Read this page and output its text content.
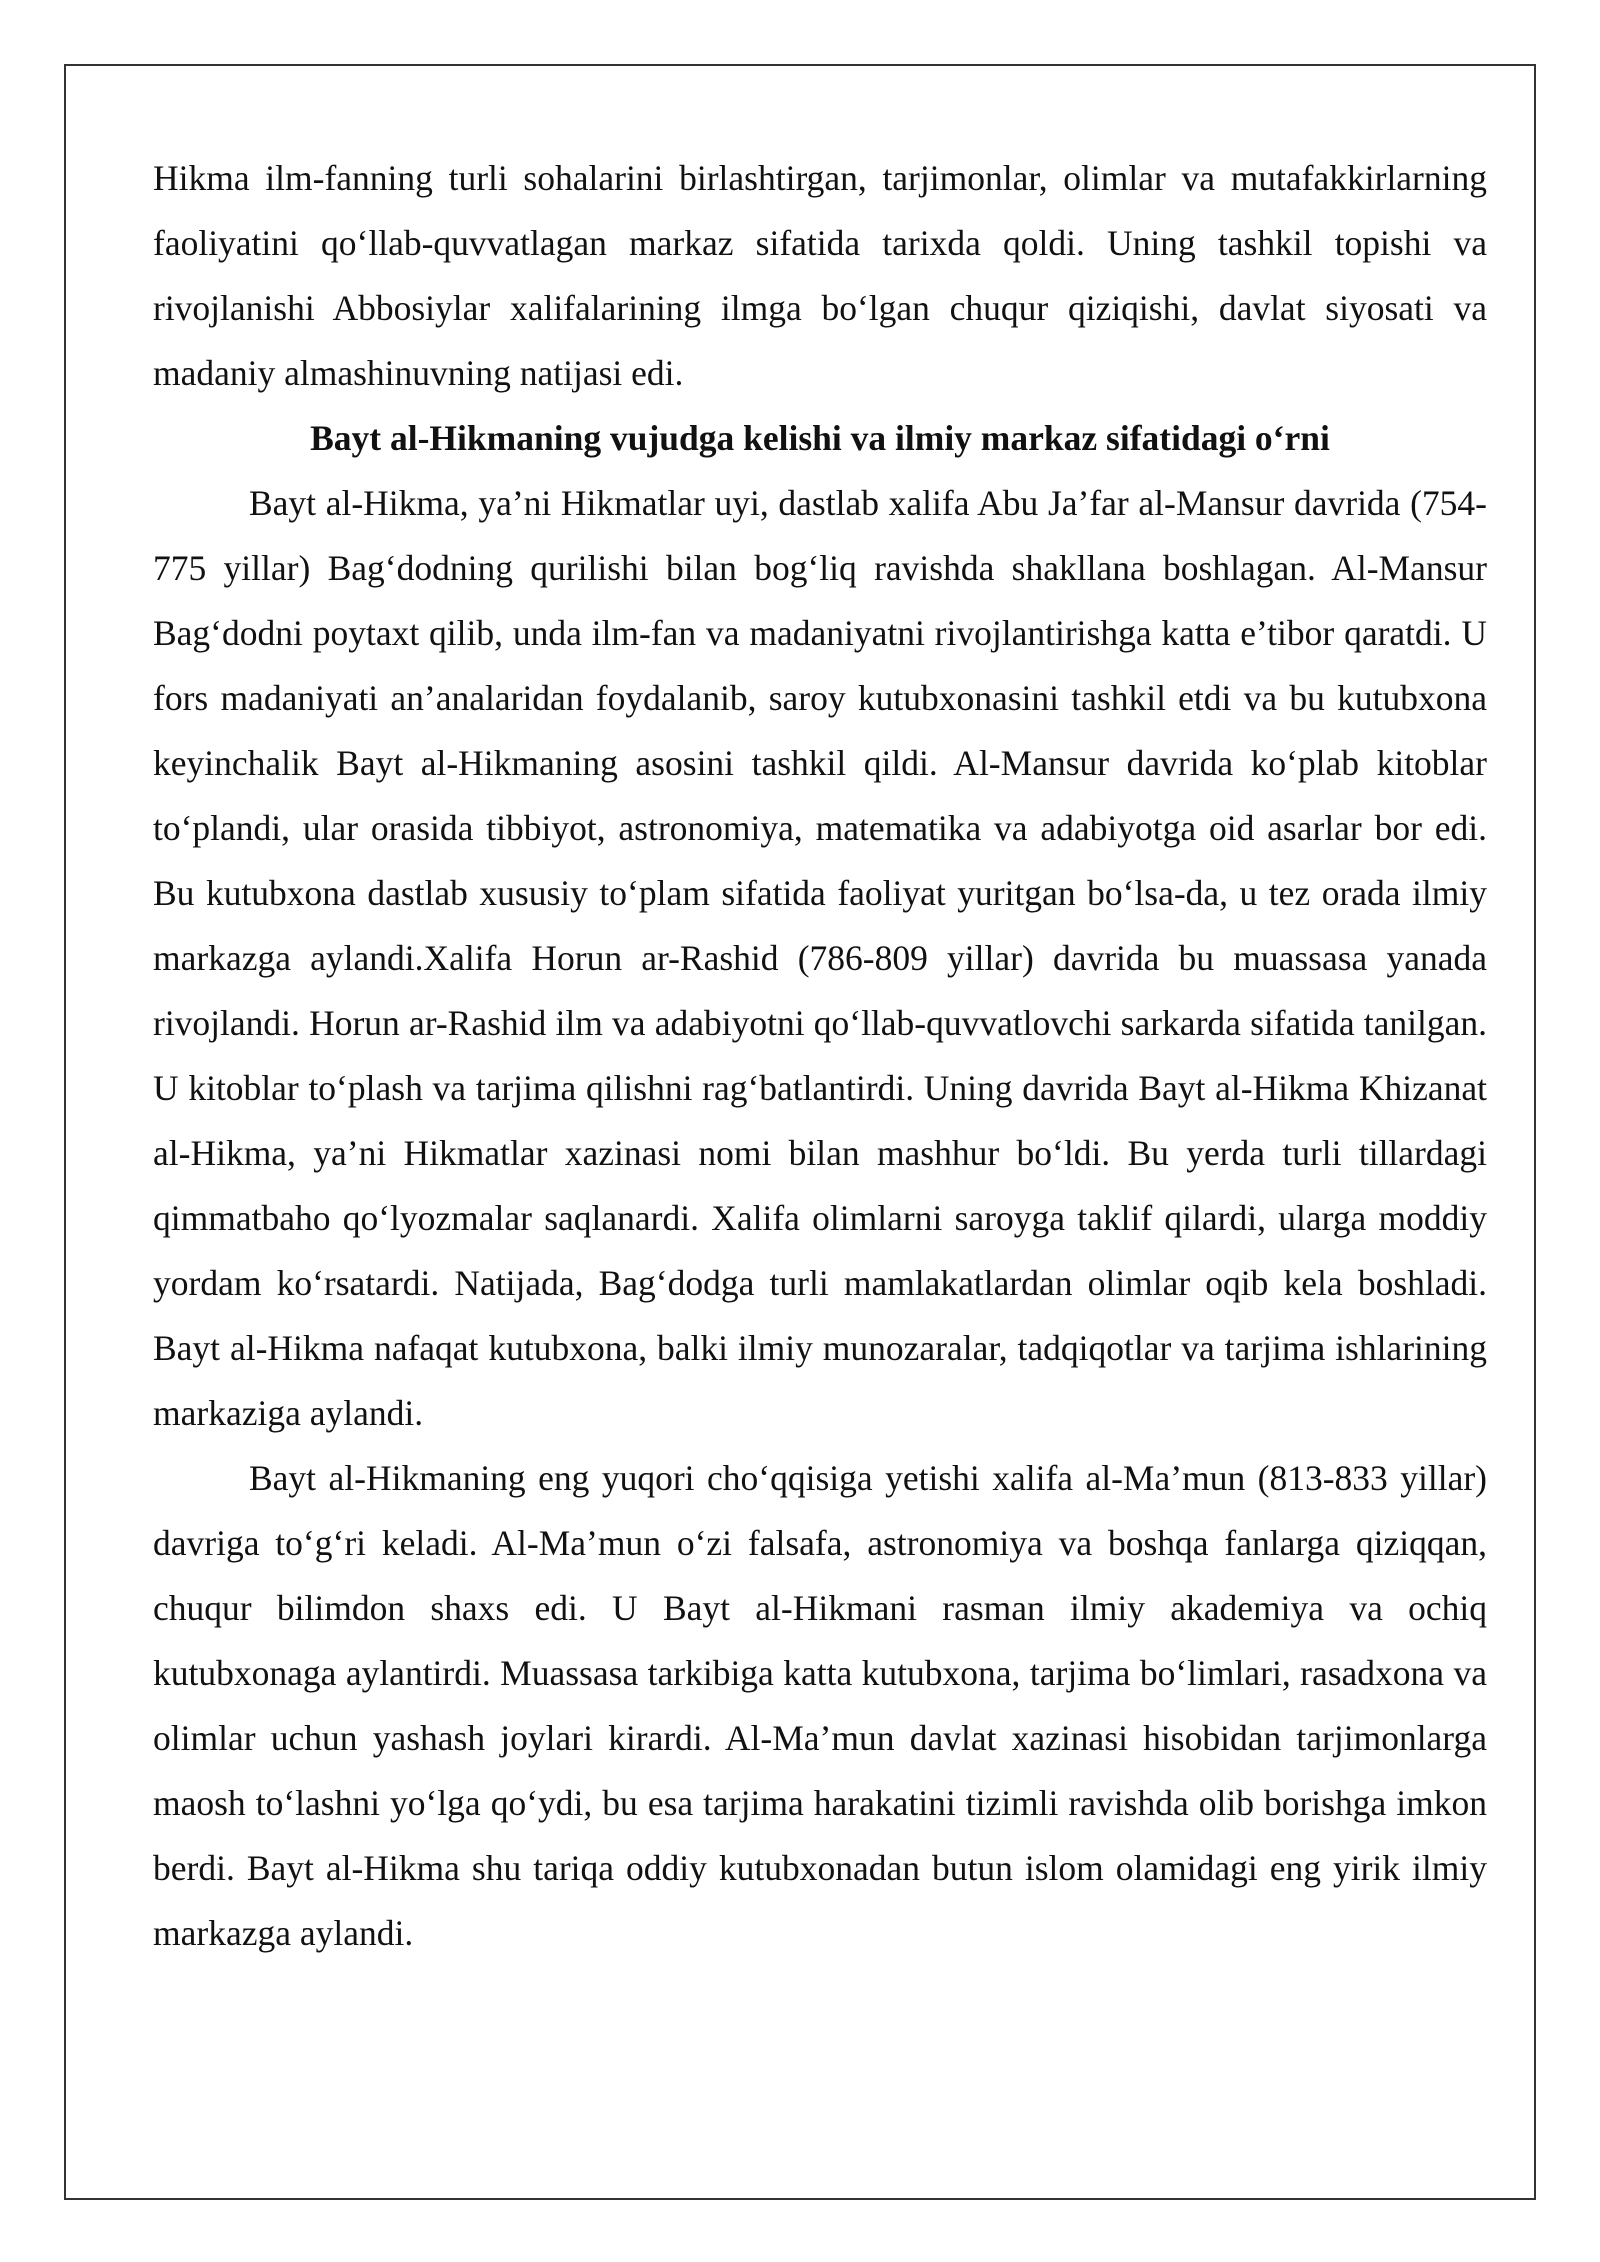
Hikma ilm-fanning turli sohalarini birlashtirgan, tarjimonlar, olimlar va mutafakkirlarning faoliyatini qo‘llab-quvvatlagan markaz sifatida tarixda qoldi. Uning tashkil topishi va rivojlanishi Abbosiylar xalifalarining ilmga bo‘lgan chuqur qiziqishi, davlat siyosati va madaniy almashinuvning natijasi edi.

Bayt al-Hikmaning vujudga kelishi va ilmiy markaz sifatidagi o‘rni

Bayt al-Hikma, ya’ni Hikmatlar uyi, dastlab xalifa Abu Ja’far al-Mansur davrida (754-775 yillar) Bag‘dodning qurilishi bilan bog‘liq ravishda shakllana boshlagan. Al-Mansur Bag‘dodni poytaxt qilib, unda ilm-fan va madaniyatni rivojlantirishga katta e’tibor qaratdi. U fors madaniyati an’analaridan foydalanib, saroy kutubxonasini tashkil etdi va bu kutubxona keyinchalik Bayt al-Hikmaning asosini tashkil qildi. Al-Mansur davrida ko‘plab kitoblar to‘plandi, ular orasida tibbiyot, astronomiya, matematika va adabiyotga oid asarlar bor edi. Bu kutubxona dastlab xususiy to‘plam sifatida faoliyat yuritgan bo‘lsa-da, u tez orada ilmiy markazga aylandi.Xalifa Horun ar-Rashid (786-809 yillar) davrida bu muassasa yanada rivojlandi. Horun ar-Rashid ilm va adabiyotni qo‘llab-quvvatlovchi sarkarda sifatida tanilgan. U kitoblar to‘plash va tarjima qilishni rag‘batlantirdi. Uning davrida Bayt al-Hikma Khizanat al-Hikma, ya’ni Hikmatlar xazinasi nomi bilan mashhur bo‘ldi. Bu yerda turli tillardagi qimmatbaho qo‘lyozmalar saqlanardi. Xalifa olimlarni saroyga taklif qilardi, ularga moddiy yordam ko‘rsatardi. Natijada, Bag‘dodga turli mamlakatlardan olimlar oqib kela boshladi. Bayt al-Hikma nafaqat kutubxona, balki ilmiy munozaralar, tadqiqotlar va tarjima ishlarining markaziga aylandi.

Bayt al-Hikmaning eng yuqori cho‘qqisiga yetishi xalifa al-Ma’mun (813-833 yillar) davriga to‘g‘ri keladi. Al-Ma’mun o‘zi falsafa, astronomiya va boshqa fanlarga qiziqqan, chuqur bilimdon shaxs edi. U Bayt al-Hikmani rasman ilmiy akademiya va ochiq kutubxonaga aylantirdi. Muassasa tarkibiga katta kutubxona, tarjima bo‘limlari, rasadxona va olimlar uchun yashash joylari kirardi. Al-Ma’mun davlat xazinasi hisobidan tarjimonlarga maosh to‘lashni yo‘lga qo‘ydi, bu esa tarjima harakatini tizimli ravishda olib borishga imkon berdi. Bayt al-Hikma shu tariqa oddiy kutubxonadan butun islom olamidagi eng yirik ilmiy markazga aylandi.
